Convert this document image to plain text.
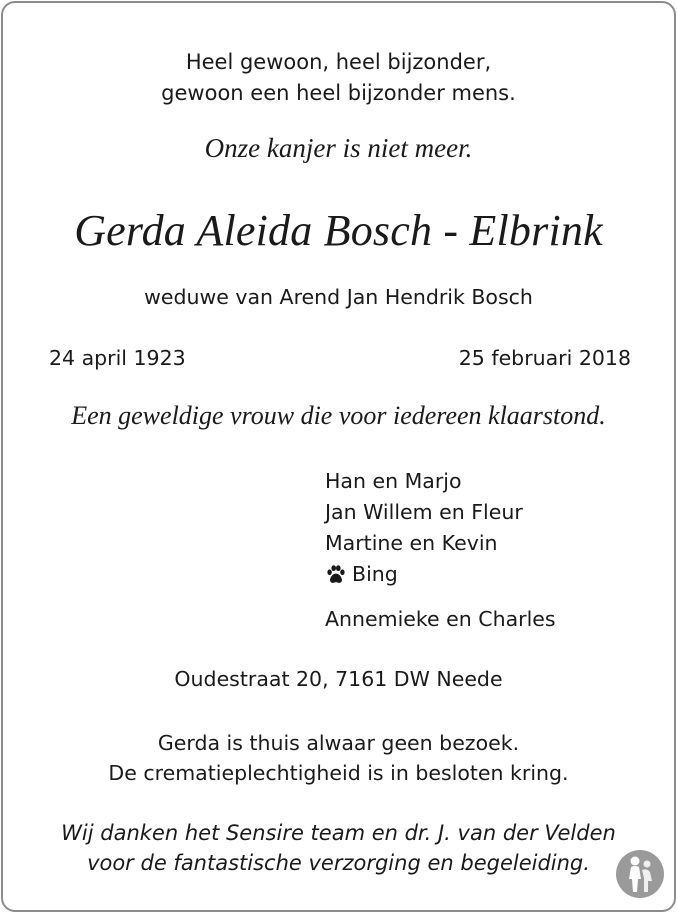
Heel gewoon, heel bijzonder,
gewoon een heel bijzonder mens.
Onze kanjer is niet meer.
Gerda Aleida Bosch - Elbrink
weduwe van Arend Jan Hendrik Bosch
24 april 1923	25 februari 2018
Een geweldige vrouw die voor iedereen klaarstond.
Han en Marjo
Jan Willem en Fleur
Martine en Kevin
Bing
Annemieke en Charles
Oudestraat 20, 7161 DW Neede
Gerda is thuis alwaar geen bezoek.
De crematieplechtigheid is in besloten kring.
Wij danken het Sensire team en dr. J. van der Velden
voor de fantastische verzorging en begeleiding.
